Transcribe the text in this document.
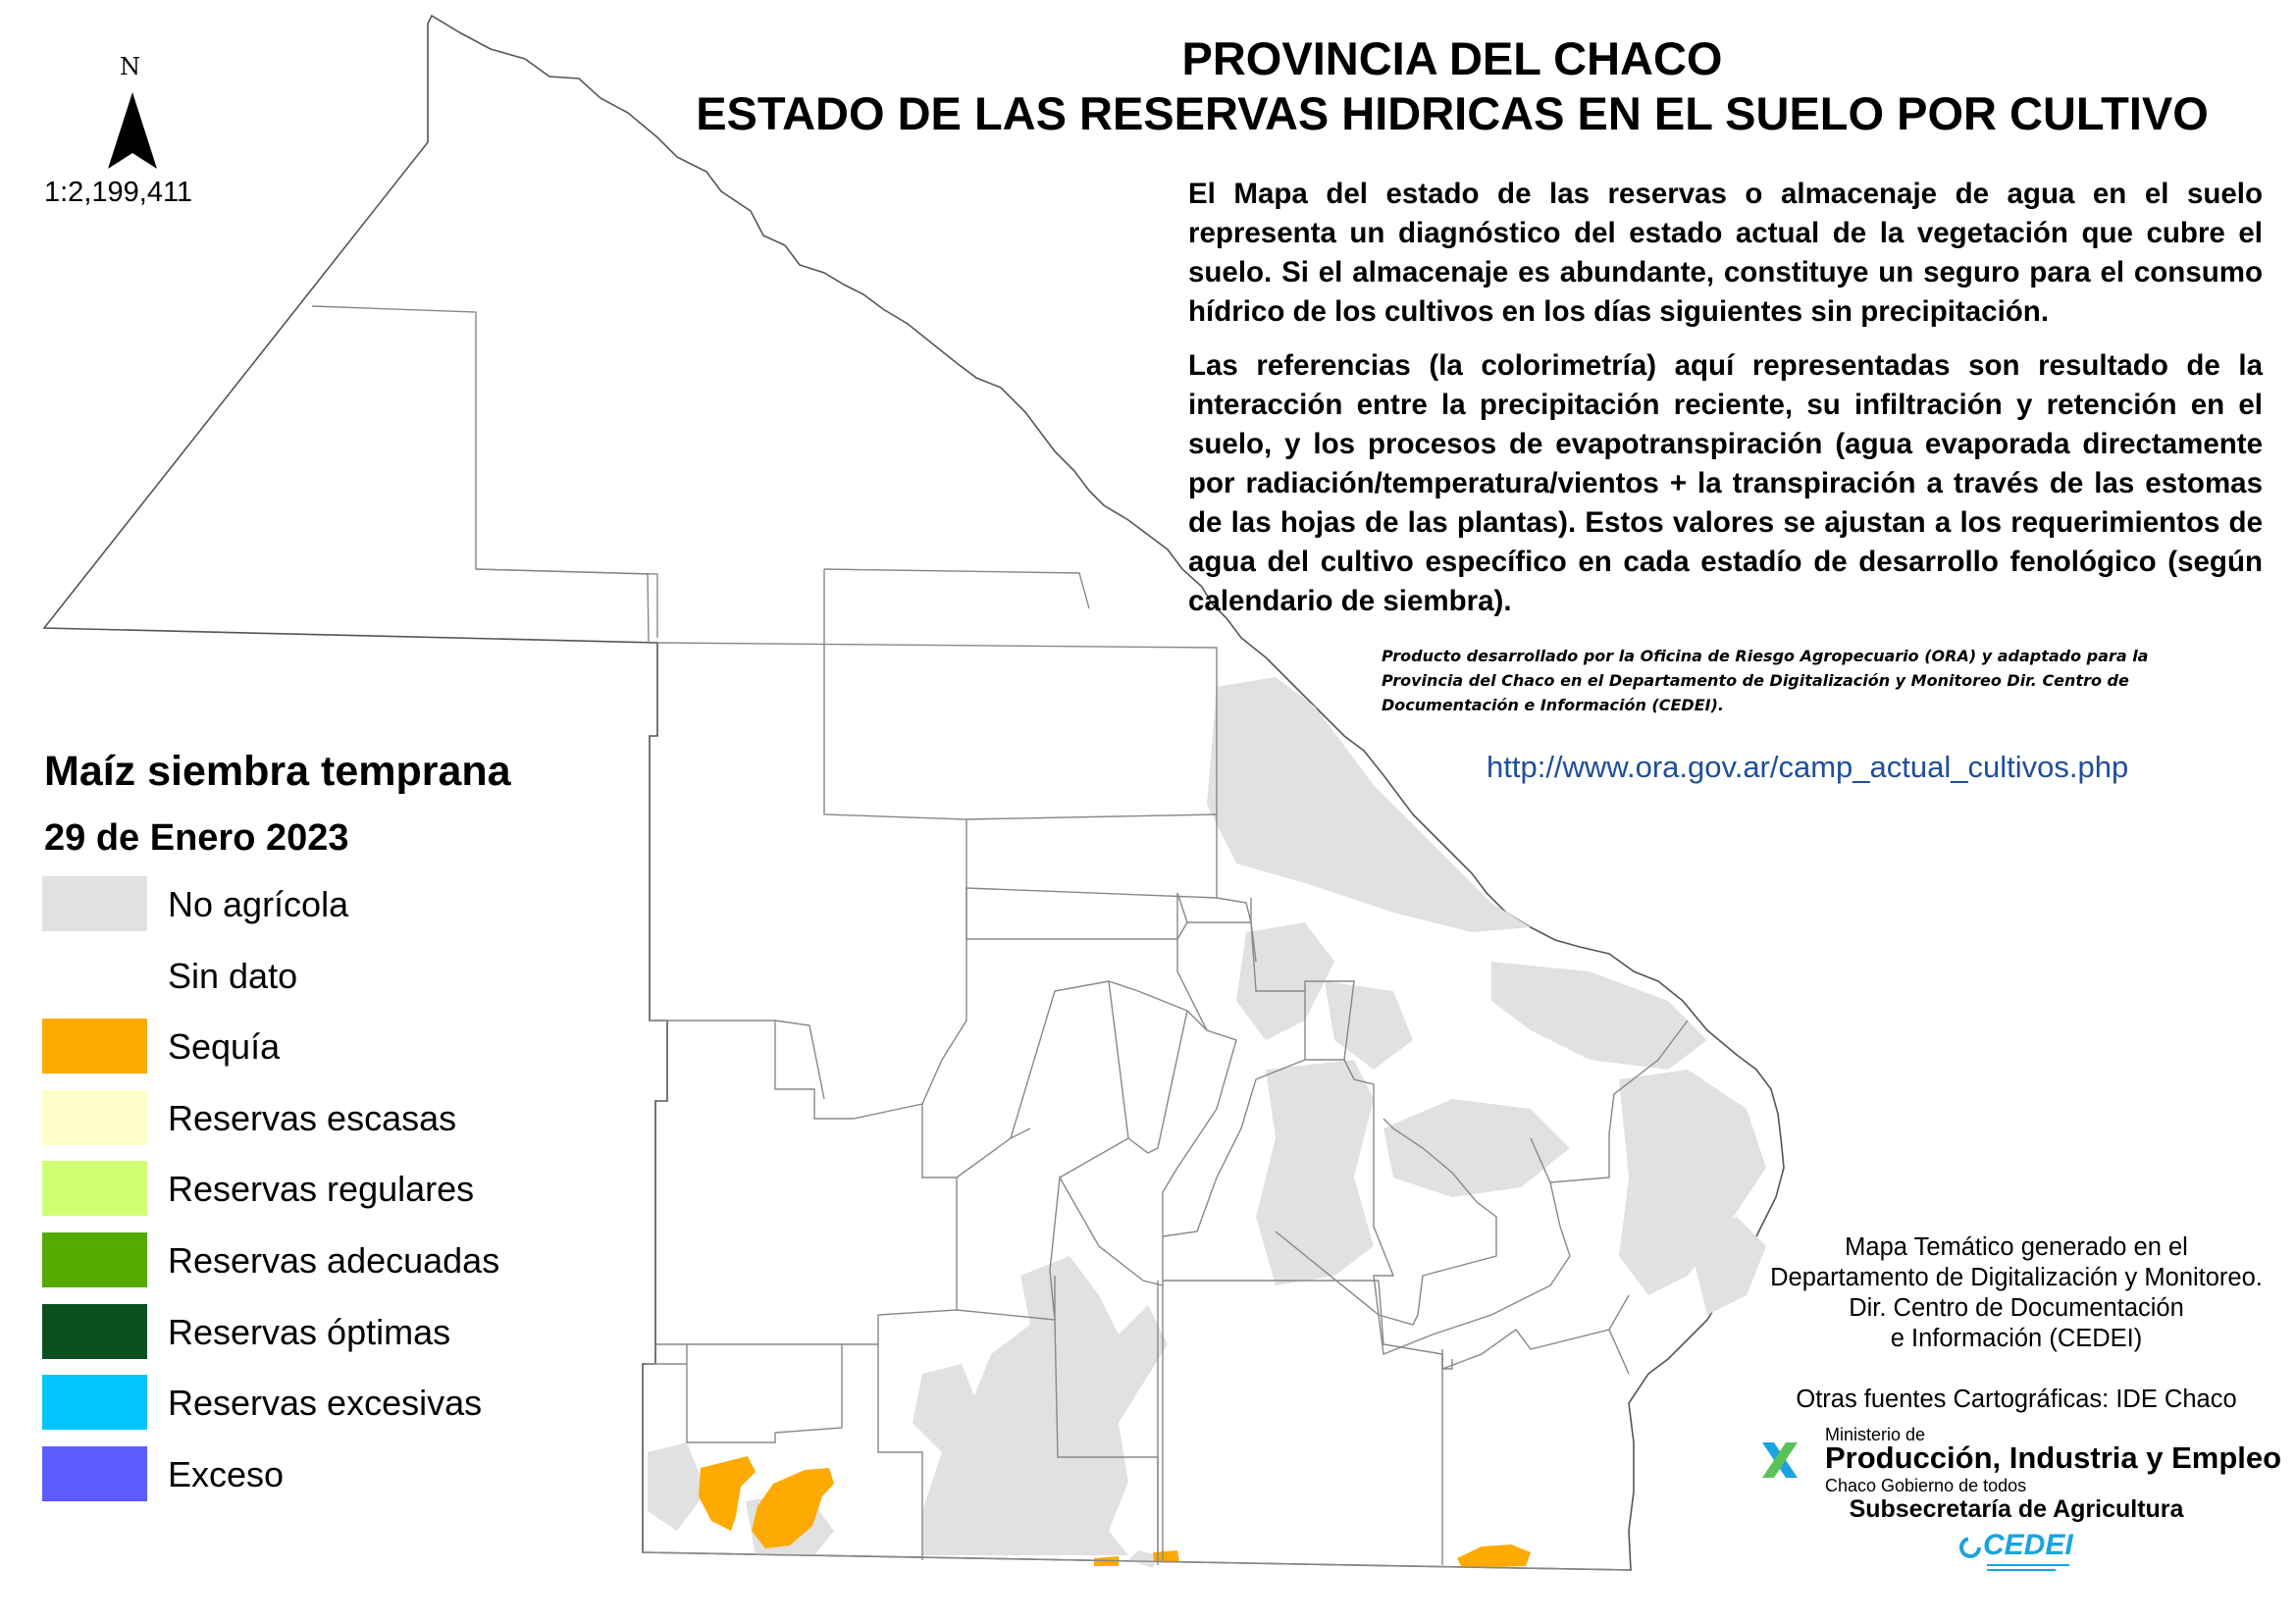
PROVINCIA DEL CHACO
ESTADO DE LAS RESERVAS HIDRICAS EN EL SUELO POR CULTIVO
El Mapa del estado de las reservas o almacenaje de agua en el suelo representa un diagnóstico del estado actual de la vegetación que cubre el suelo. Si el almacenaje es abundante, constituye un seguro para el consumo hídrico de los cultivos en los días siguientes sin precipitación.
Las referencias (la colorimetría) aquí representadas son resultado de la interacción entre la precipitación reciente, su infiltración y retención en el suelo, y los procesos de evapotranspiración (agua evaporada directamente por radiación/temperatura/vientos + la transpiración a través de las estomas de las hojas de las plantas). Estos valores se ajustan a los requerimientos de agua del cultivo específico en cada estadío de desarrollo fenológico (según calendario de siembra).
Producto desarrollado por la Oficina de Riesgo Agropecuario (ORA) y adaptado para la Provincia del Chaco en el Departamento de Digitalización y Monitoreo Dir. Centro de Documentación e Información (CEDEI).
http://www.ora.gov.ar/camp_actual_cultivos.php
N
1:2,199,411
Maíz siembra temprana
29 de Enero 2023
No agrícola
Sin dato
Sequía
Reservas escasas
Reservas regulares
Reservas adecuadas
Reservas óptimas
Reservas excesivas
Exceso
Mapa Temático generado en el
Departamento de Digitalización y Monitoreo.
Dir. Centro de Documentación
e Información (CEDEI)
Otras fuentes Cartográficas: IDE Chaco
Ministerio de
Producción, Industria y Empleo
Chaco Gobierno de todos
Subsecretaría de Agricultura
CEDEI
